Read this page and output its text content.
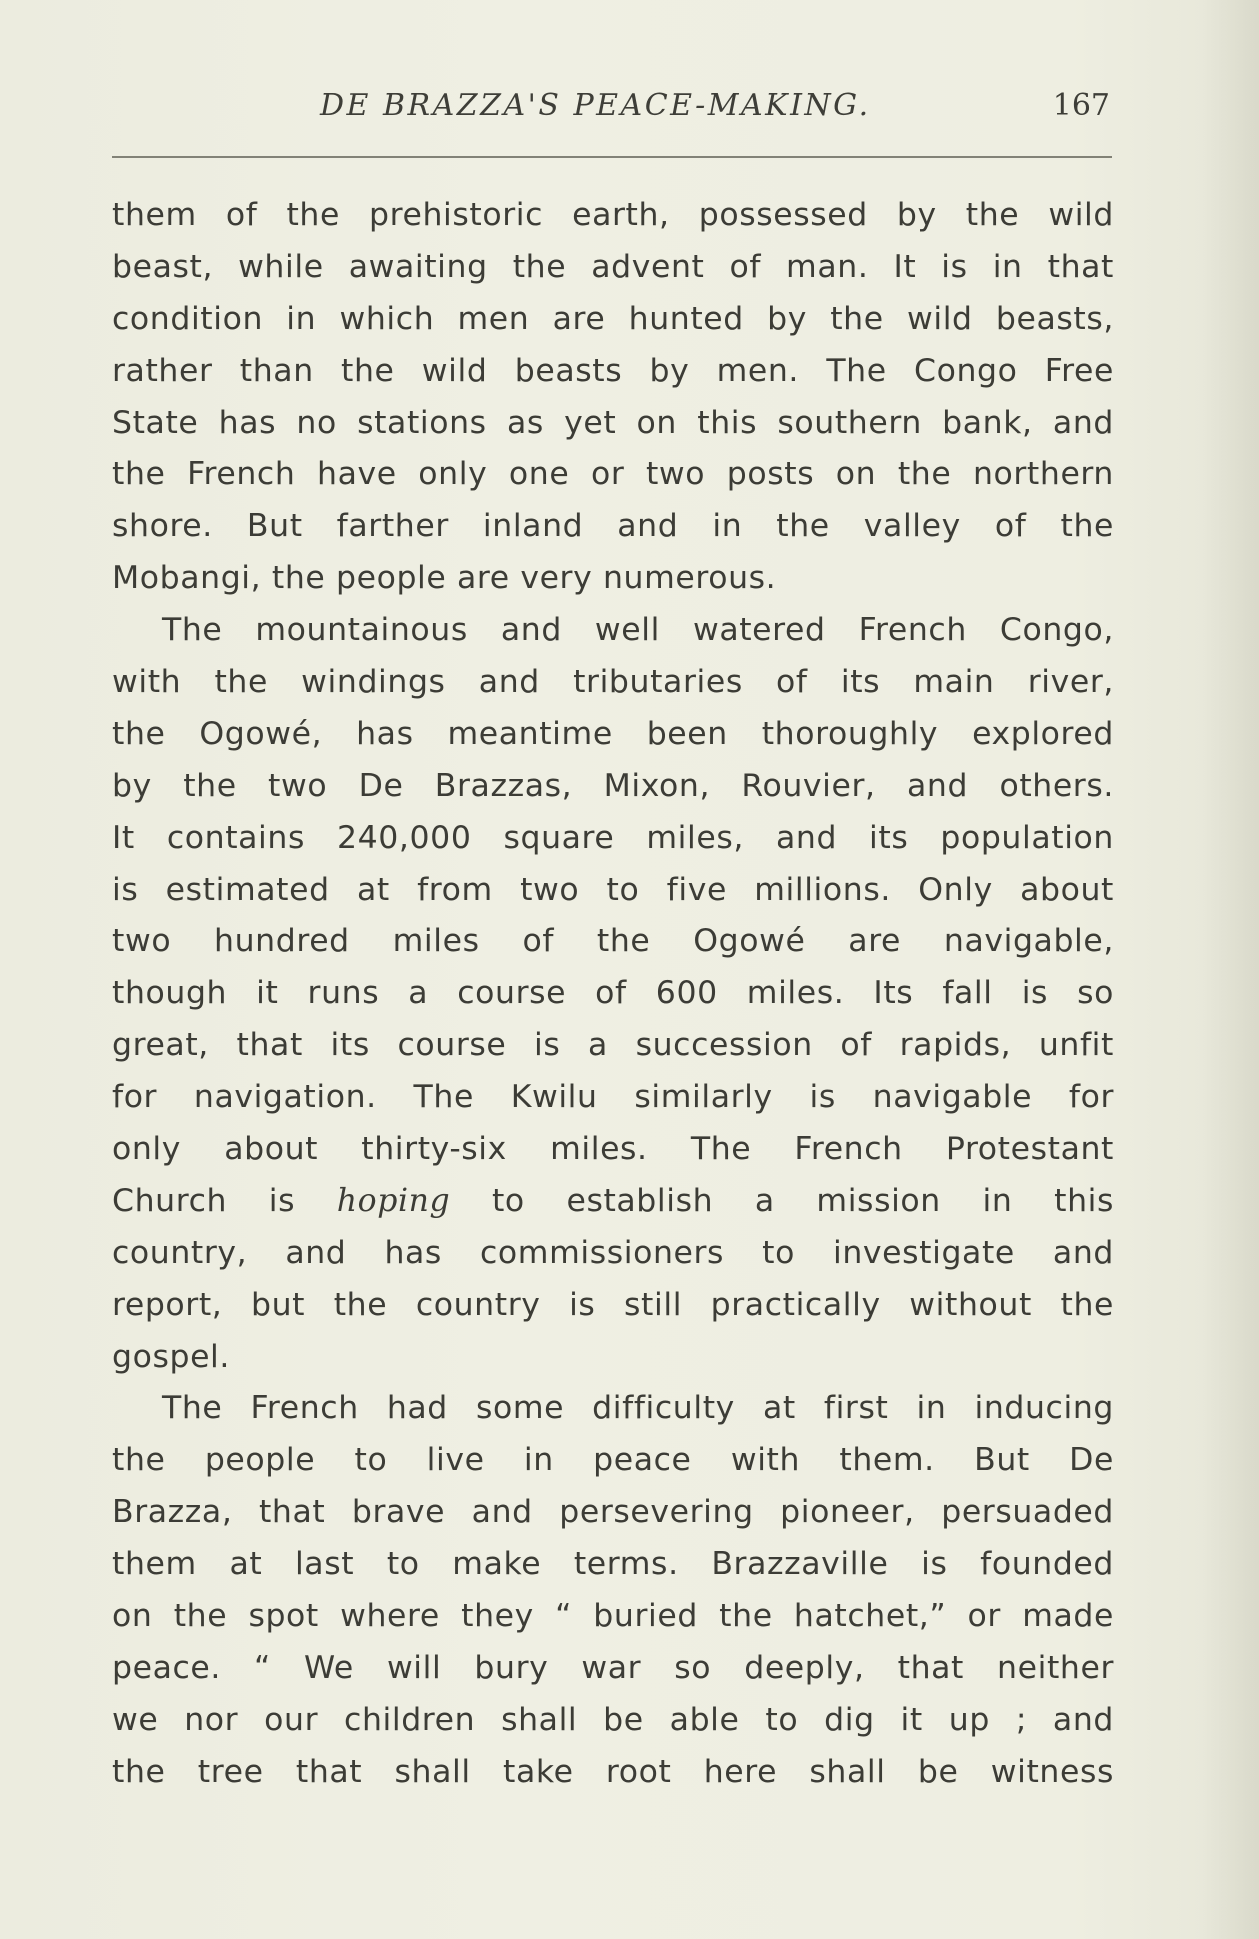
DE BRAZZA'S PEACE-MAKING.	167
them of the prehistoric earth, possessed by the wild
beast, while awaiting the advent of man. It is in that
condition in which men are hunted by the wild beasts,
rather than the wild beasts by men. The Congo Free
State has no stations as yet on this southern bank, and
the French have only one or two posts on the northern
shore. But farther inland and in the valley of the
Mobangi, the people are very numerous.
The mountainous and well watered French Congo,
with the windings and tributaries of its main river,
the Ogowé, has meantime been thoroughly explored
by the two De Brazzas, Mixon, Rouvier, and others.
It contains 240,000 square miles, and its population
is estimated at from two to five millions. Only about
two hundred miles of the Ogowé are navigable,
though it runs a course of 600 miles. Its fall is so
great, that its course is a succession of rapids, unfit
for navigation. The Kwilu similarly is navigable for
only about thirty-six miles. The French Protestant
Church is hoping to establish a mission in this
country, and has commissioners to investigate and
report, but the country is still practically without the
gospel.
The French had some difficulty at first in inducing
the people to live in peace with them. But De
Brazza, that brave and persevering pioneer, persuaded
them at last to make terms. Brazzaville is founded
on the spot where they “ buried the hatchet,” or made
peace. “ We will bury war so deeply, that neither
we nor our children shall be able to dig it up ; and
the tree that shall take root here shall be witness
